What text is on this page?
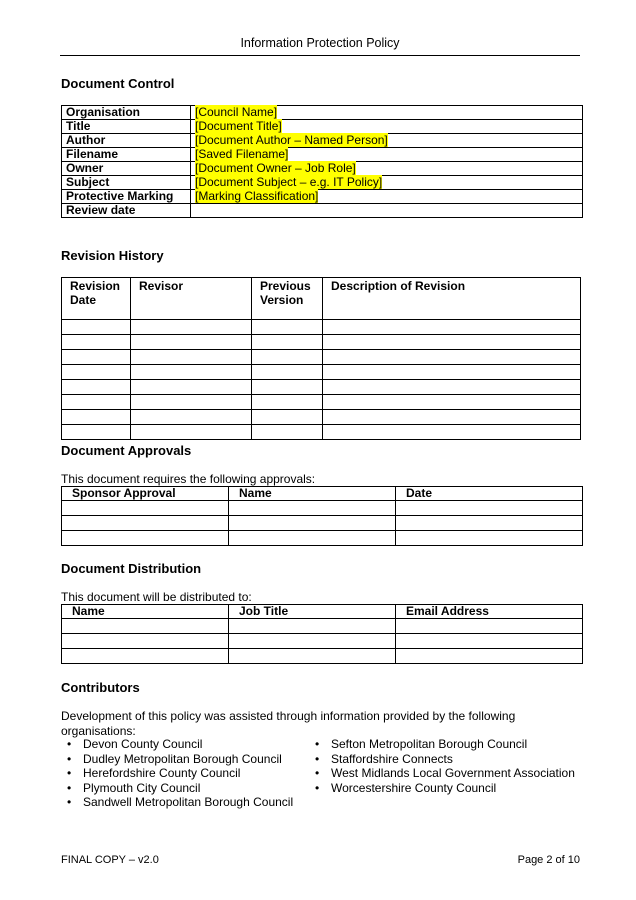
Information Protection Policy
Document Control
Organisation	[Council Name]
Title	[Document Title]
Author	[Document Author – Named Person]
Filename	[Saved Filename]
Owner	[Document Owner – Job Role]
Subject	[Document Subject – e.g. IT Policy]
Protective Marking	[Marking Classification]
Review date	
Revision History
Revision Date	Revisor	Previous Version	Description of Revision

Document Approvals
This document requires the following approvals:
Sponsor Approval	Name	Date

Document Distribution
This document will be distributed to:
Name	Job Title	Email Address

Contributors
Development of this policy was assisted through information provided by the following organisations:
• Devon County Council
• Dudley Metropolitan Borough Council
• Herefordshire County Council
• Plymouth City Council
• Sandwell Metropolitan Borough Council
• Sefton Metropolitan Borough Council
• Staffordshire Connects
• West Midlands Local Government Association
• Worcestershire County Council
FINAL COPY – v2.0	Page 2 of 10
